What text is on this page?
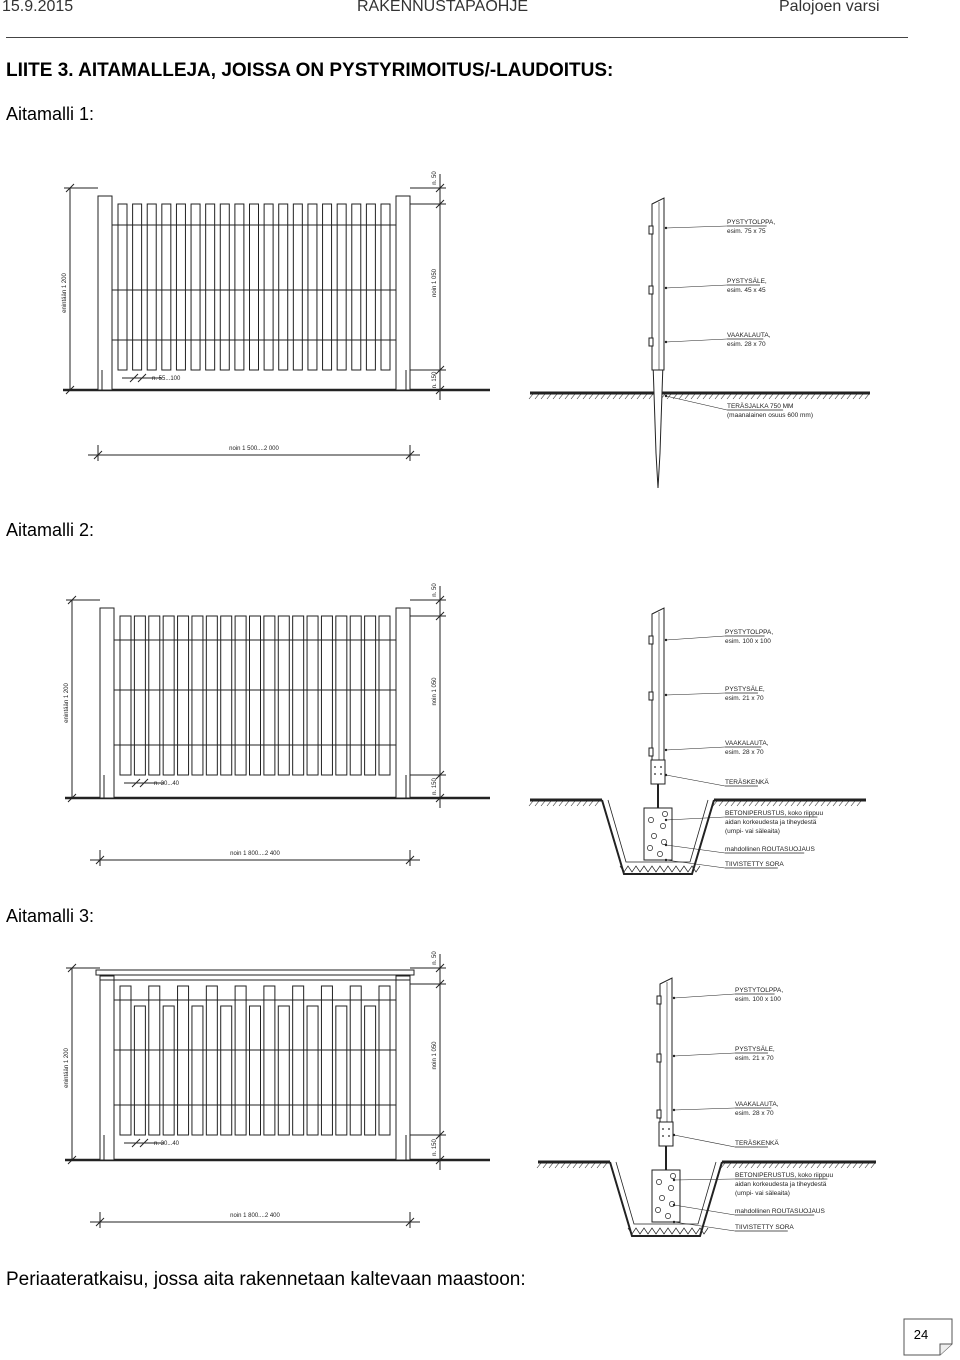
15.9.2015	RAKENNUSTAPAOHJE	Palojoen varsi
LIITE 3. AITAMALLEJA, JOISSA ON PYSTYRIMOITUS/-LAUDOITUS:
Aitamalli 1:
Aitamalli 2:
Aitamalli 3:
Periaateratkaisu, jossa aita rakennetaan kaltevaan maastoon:
enintään 1 200
n. 50
noin 1 050
n. 150
n. 55...100
noin 1 500....2 000
PYSTYTOLPPA,
esim. 75 x 75
PYSTYSÄLE,
esim. 45 x 45
VAAKALAUTA,
esim. 28 x 70
TERÄSJALKA 750 MM
(maanalainen osuus 600 mm)
enintään 1 200
n. 50
noin 1 050
n. 150
n. 30...40
noin 1 800....2 400
PYSTYTOLPPA,
esim. 100 x 100
PYSTYSÄLE,
esim. 21 x 70
VAAKALAUTA,
esim. 28 x 70
TERÄSKENKÄ
BETONIPERUSTUS, koko riippuu
aidan korkeudesta ja tiheydestä
(umpi- vai säleaita)
mahdollinen ROUTASUOJAUS
TIIVISTETTY SORA
enintään 1 200
n. 50
noin 1 050
n. 150
n. 30...40
noin 1 800....2 400
PYSTYTOLPPA,
esim. 100 x 100
PYSTYSÄLE,
esim. 21 x 70
VAAKALAUTA,
esim. 28 x 70
TERÄSKENKÄ
BETONIPERUSTUS, koko riippuu
aidan korkeudesta ja tiheydestä
(umpi- vai säleaita)
mahdollinen ROUTASUOJAUS
TIIVISTETTY SORA
24
